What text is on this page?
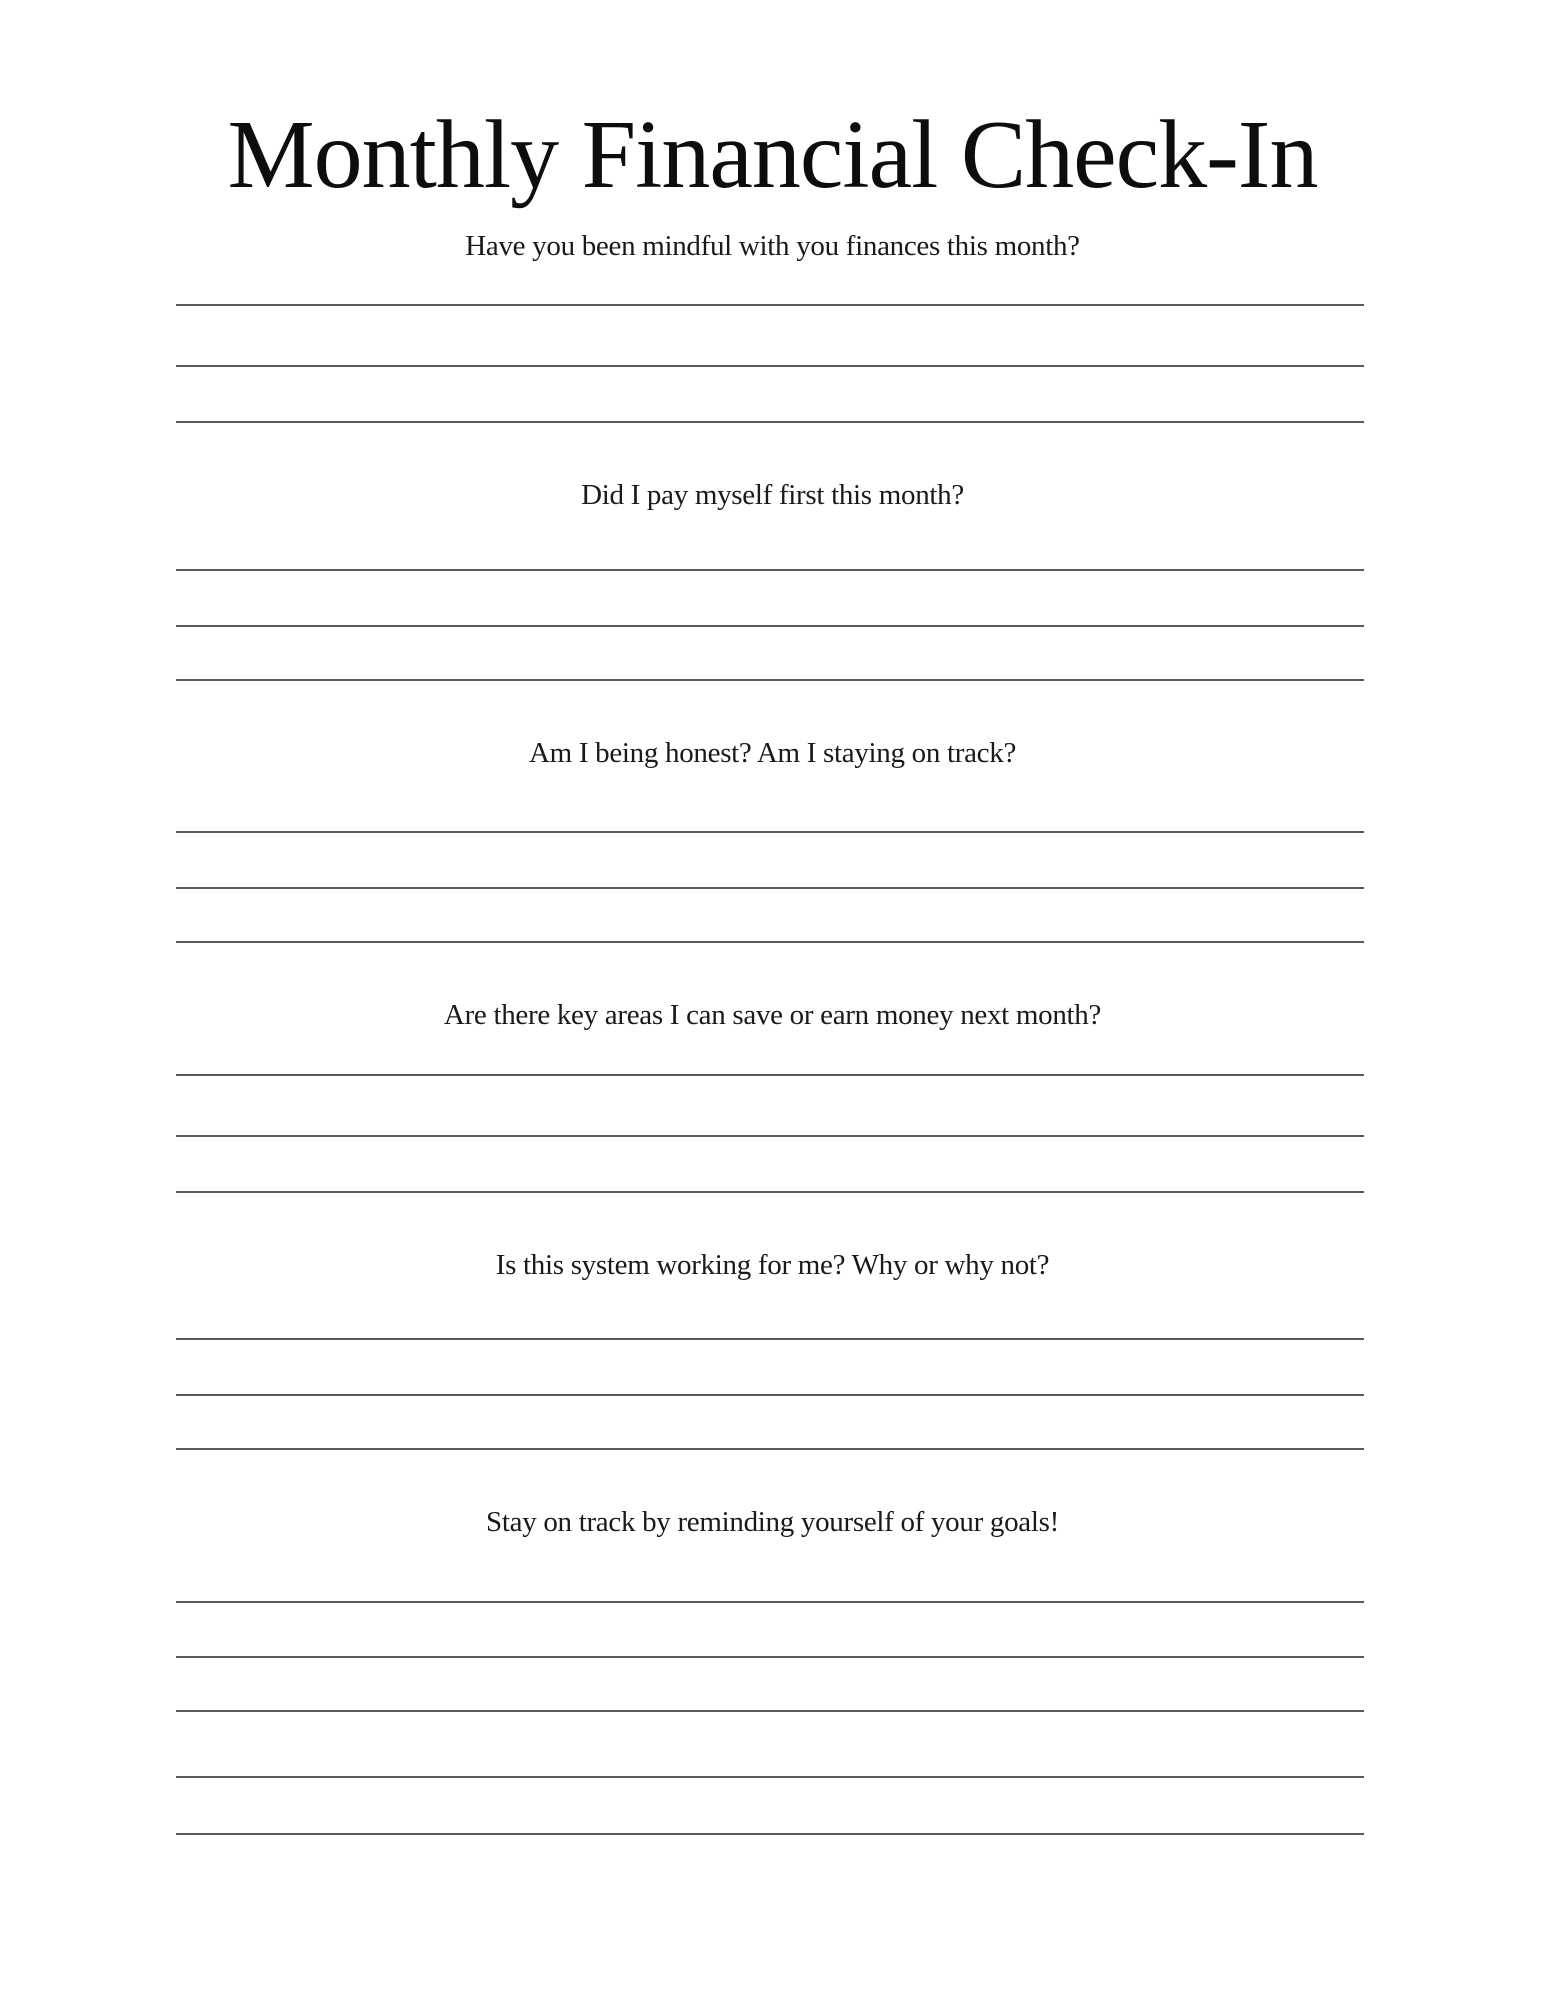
Monthly Financial Check-In
Have you been mindful with you finances this month?
Did I pay myself first this month?
Am I being honest? Am I staying on track?
Are there key areas I can save or earn money next month?
Is this system working for me? Why or why not?
Stay on track by reminding yourself of your goals!
